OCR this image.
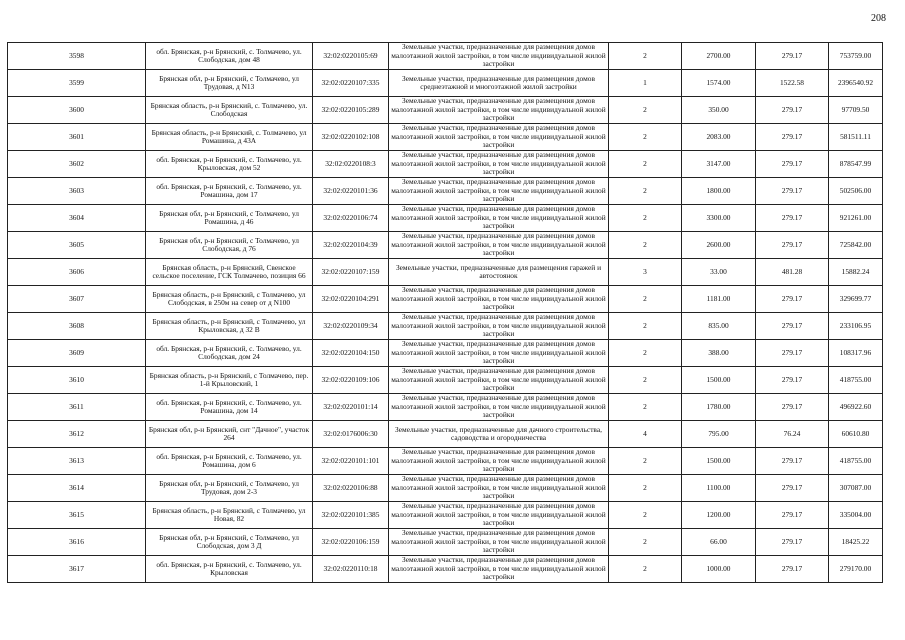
208
3598	обл. Брянская, р-н Брянский, с. Толмачево, ул. Слободская, дом 48	32:02:0220105:69	Земельные участки, предназначенные для размещения домов малоэтажной жилой застройки, в том числе индивидуальной жилой застройки	2	2700.00	279.17	753759.00
3599	Брянская обл, р-н Брянский, с Толмачево, ул Трудовая, д N13	32:02:0220107:335	Земельные участки, предназначенные для размещения домов среднеэтажной и многоэтажной жилой застройки	1	1574.00	1522.58	2396540.92
3600	Брянская область, р-н Брянский, с. Толмачево, ул. Слободская	32:02:0220105:289	Земельные участки, предназначенные для размещения домов малоэтажной жилой застройки, в том числе индивидуальной жилой застройки	2	350.00	279.17	97709.50
3601	Брянская область, р-н Брянский, с. Толмачево, ул Ромашина, д 43А	32:02:0220102:108	Земельные участки, предназначенные для размещения домов малоэтажной жилой застройки, в том числе индивидуальной жилой застройки	2	2083.00	279.17	581511.11
3602	обл. Брянская, р-н Брянский, с. Толмачево, ул. Крыловская, дом 52	32:02:0220108:3	Земельные участки, предназначенные для размещения домов малоэтажной жилой застройки, в том числе индивидуальной жилой застройки	2	3147.00	279.17	878547.99
3603	обл. Брянская, р-н Брянский, с. Толмачево, ул. Ромашина, дом 17	32:02:0220101:36	Земельные участки, предназначенные для размещения домов малоэтажной жилой застройки, в том числе индивидуальной жилой застройки	2	1800.00	279.17	502506.00
3604	Брянская обл, р-н Брянский, с Толмачево, ул Ромашина, д 46	32:02:0220106:74	Земельные участки, предназначенные для размещения домов малоэтажной жилой застройки, в том числе индивидуальной жилой застройки	2	3300.00	279.17	921261.00
3605	Брянская обл, р-н Брянский, с Толмачево, ул Слободская, д 76	32:02:0220104:39	Земельные участки, предназначенные для размещения домов малоэтажной жилой застройки, в том числе индивидуальной жилой застройки	2	2600.00	279.17	725842.00
3606	Брянская область, р-н Брянский, Свенское сельское поселение, ГСК Толмачево, позиция 66	32:02:0220107:159	Земельные участки, предназначенные для размещения гаражей и автостоянок	3	33.00	481.28	15882.24
3607	Брянская область, р-н Брянский, с Толмачево, ул Слободская, в 250м на север от д N100	32:02:0220104:291	Земельные участки, предназначенные для размещения домов малоэтажной жилой застройки, в том числе индивидуальной жилой застройки	2	1181.00	279.17	329699.77
3608	Брянская область, р-н Брянский, с Толмачево, ул Крыловская, д 32 В	32:02:0220109:34	Земельные участки, предназначенные для размещения домов малоэтажной жилой застройки, в том числе индивидуальной жилой застройки	2	835.00	279.17	233106.95
3609	обл. Брянская, р-н Брянский, с. Толмачево, ул. Слободская, дом 24	32:02:0220104:150	Земельные участки, предназначенные для размещения домов малоэтажной жилой застройки, в том числе индивидуальной жилой застройки	2	388.00	279.17	108317.96
3610	Брянская область, р-н Брянский, с Толмачево, пер. 1-й Крыловский, 1	32:02:0220109:106	Земельные участки, предназначенные для размещения домов малоэтажной жилой застройки, в том числе индивидуальной жилой застройки	2	1500.00	279.17	418755.00
3611	обл. Брянская, р-н Брянский, с. Толмачево, ул. Ромашина, дом 14	32:02:0220101:14	Земельные участки, предназначенные для размещения домов малоэтажной жилой застройки, в том числе индивидуальной жилой застройки	2	1780.00	279.17	496922.60
3612	Брянская обл, р-н Брянский, снт "Дачное", участок 264	32:02:0176006:30	Земельные участки, предназначенные для дачного строительства, садоводства и огородничества	4	795.00	76.24	60610.80
3613	обл. Брянская, р-н Брянский, с. Толмачево, ул. Ромашина, дом 6	32:02:0220101:101	Земельные участки, предназначенные для размещения домов малоэтажной жилой застройки, в том числе индивидуальной жилой застройки	2	1500.00	279.17	418755.00
3614	Брянская обл, р-н Брянский, с Толмачево, ул Трудовая, дом 2-3	32:02:0220106:88	Земельные участки, предназначенные для размещения домов малоэтажной жилой застройки, в том числе индивидуальной жилой застройки	2	1100.00	279.17	307087.00
3615	Брянская область, р-н Брянский, с Толмачево, ул Новая, 82	32:02:0220101:385	Земельные участки, предназначенные для размещения домов малоэтажной жилой застройки, в том числе индивидуальной жилой застройки	2	1200.00	279.17	335004.00
3616	Брянская обл, р-н Брянский, с Толмачево, ул Слободская, дом 3 Д	32:02:0220106:159	Земельные участки, предназначенные для размещения домов малоэтажной жилой застройки, в том числе индивидуальной жилой застройки	2	66.00	279.17	18425.22
3617	обл. Брянская, р-н Брянский, с. Толмачево, ул. Крыловская	32:02:0220110:18	Земельные участки, предназначенные для размещения домов малоэтажной жилой застройки, в том числе индивидуальной жилой застройки	2	1000.00	279.17	279170.00
